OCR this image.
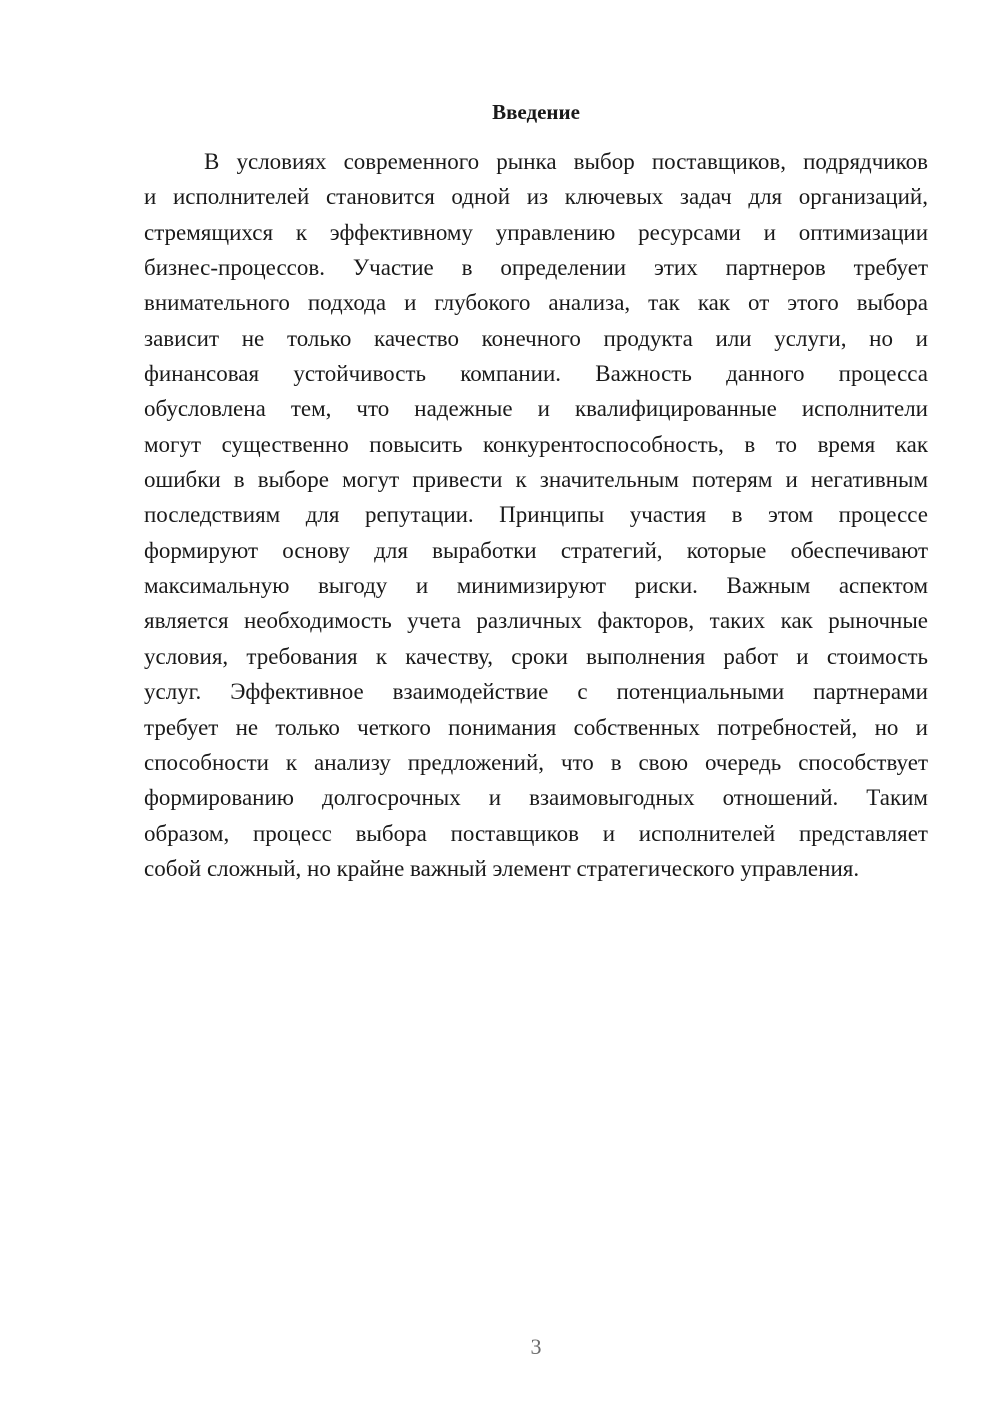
Введение
В условиях современного рынка выбор поставщиков, подрядчиков
и исполнителей становится одной из ключевых задач для организаций,
стремящихся к эффективному управлению ресурсами и оптимизации
бизнес-процессов. Участие в определении этих партнеров требует
внимательного подхода и глубокого анализа, так как от этого выбора
зависит не только качество конечного продукта или услуги, но и
финансовая устойчивость компании. Важность данного процесса
обусловлена тем, что надежные и квалифицированные исполнители
могут существенно повысить конкурентоспособность, в то время как
ошибки в выборе могут привести к значительным потерям и негативным
последствиям для репутации. Принципы участия в этом процессе
формируют основу для выработки стратегий, которые обеспечивают
максимальную выгоду и минимизируют риски. Важным аспектом
является необходимость учета различных факторов, таких как рыночные
условия, требования к качеству, сроки выполнения работ и стоимость
услуг. Эффективное взаимодействие с потенциальными партнерами
требует не только четкого понимания собственных потребностей, но и
способности к анализу предложений, что в свою очередь способствует
формированию долгосрочных и взаимовыгодных отношений. Таким
образом, процесс выбора поставщиков и исполнителей представляет
собой сложный, но крайне важный элемент стратегического управления.
3
